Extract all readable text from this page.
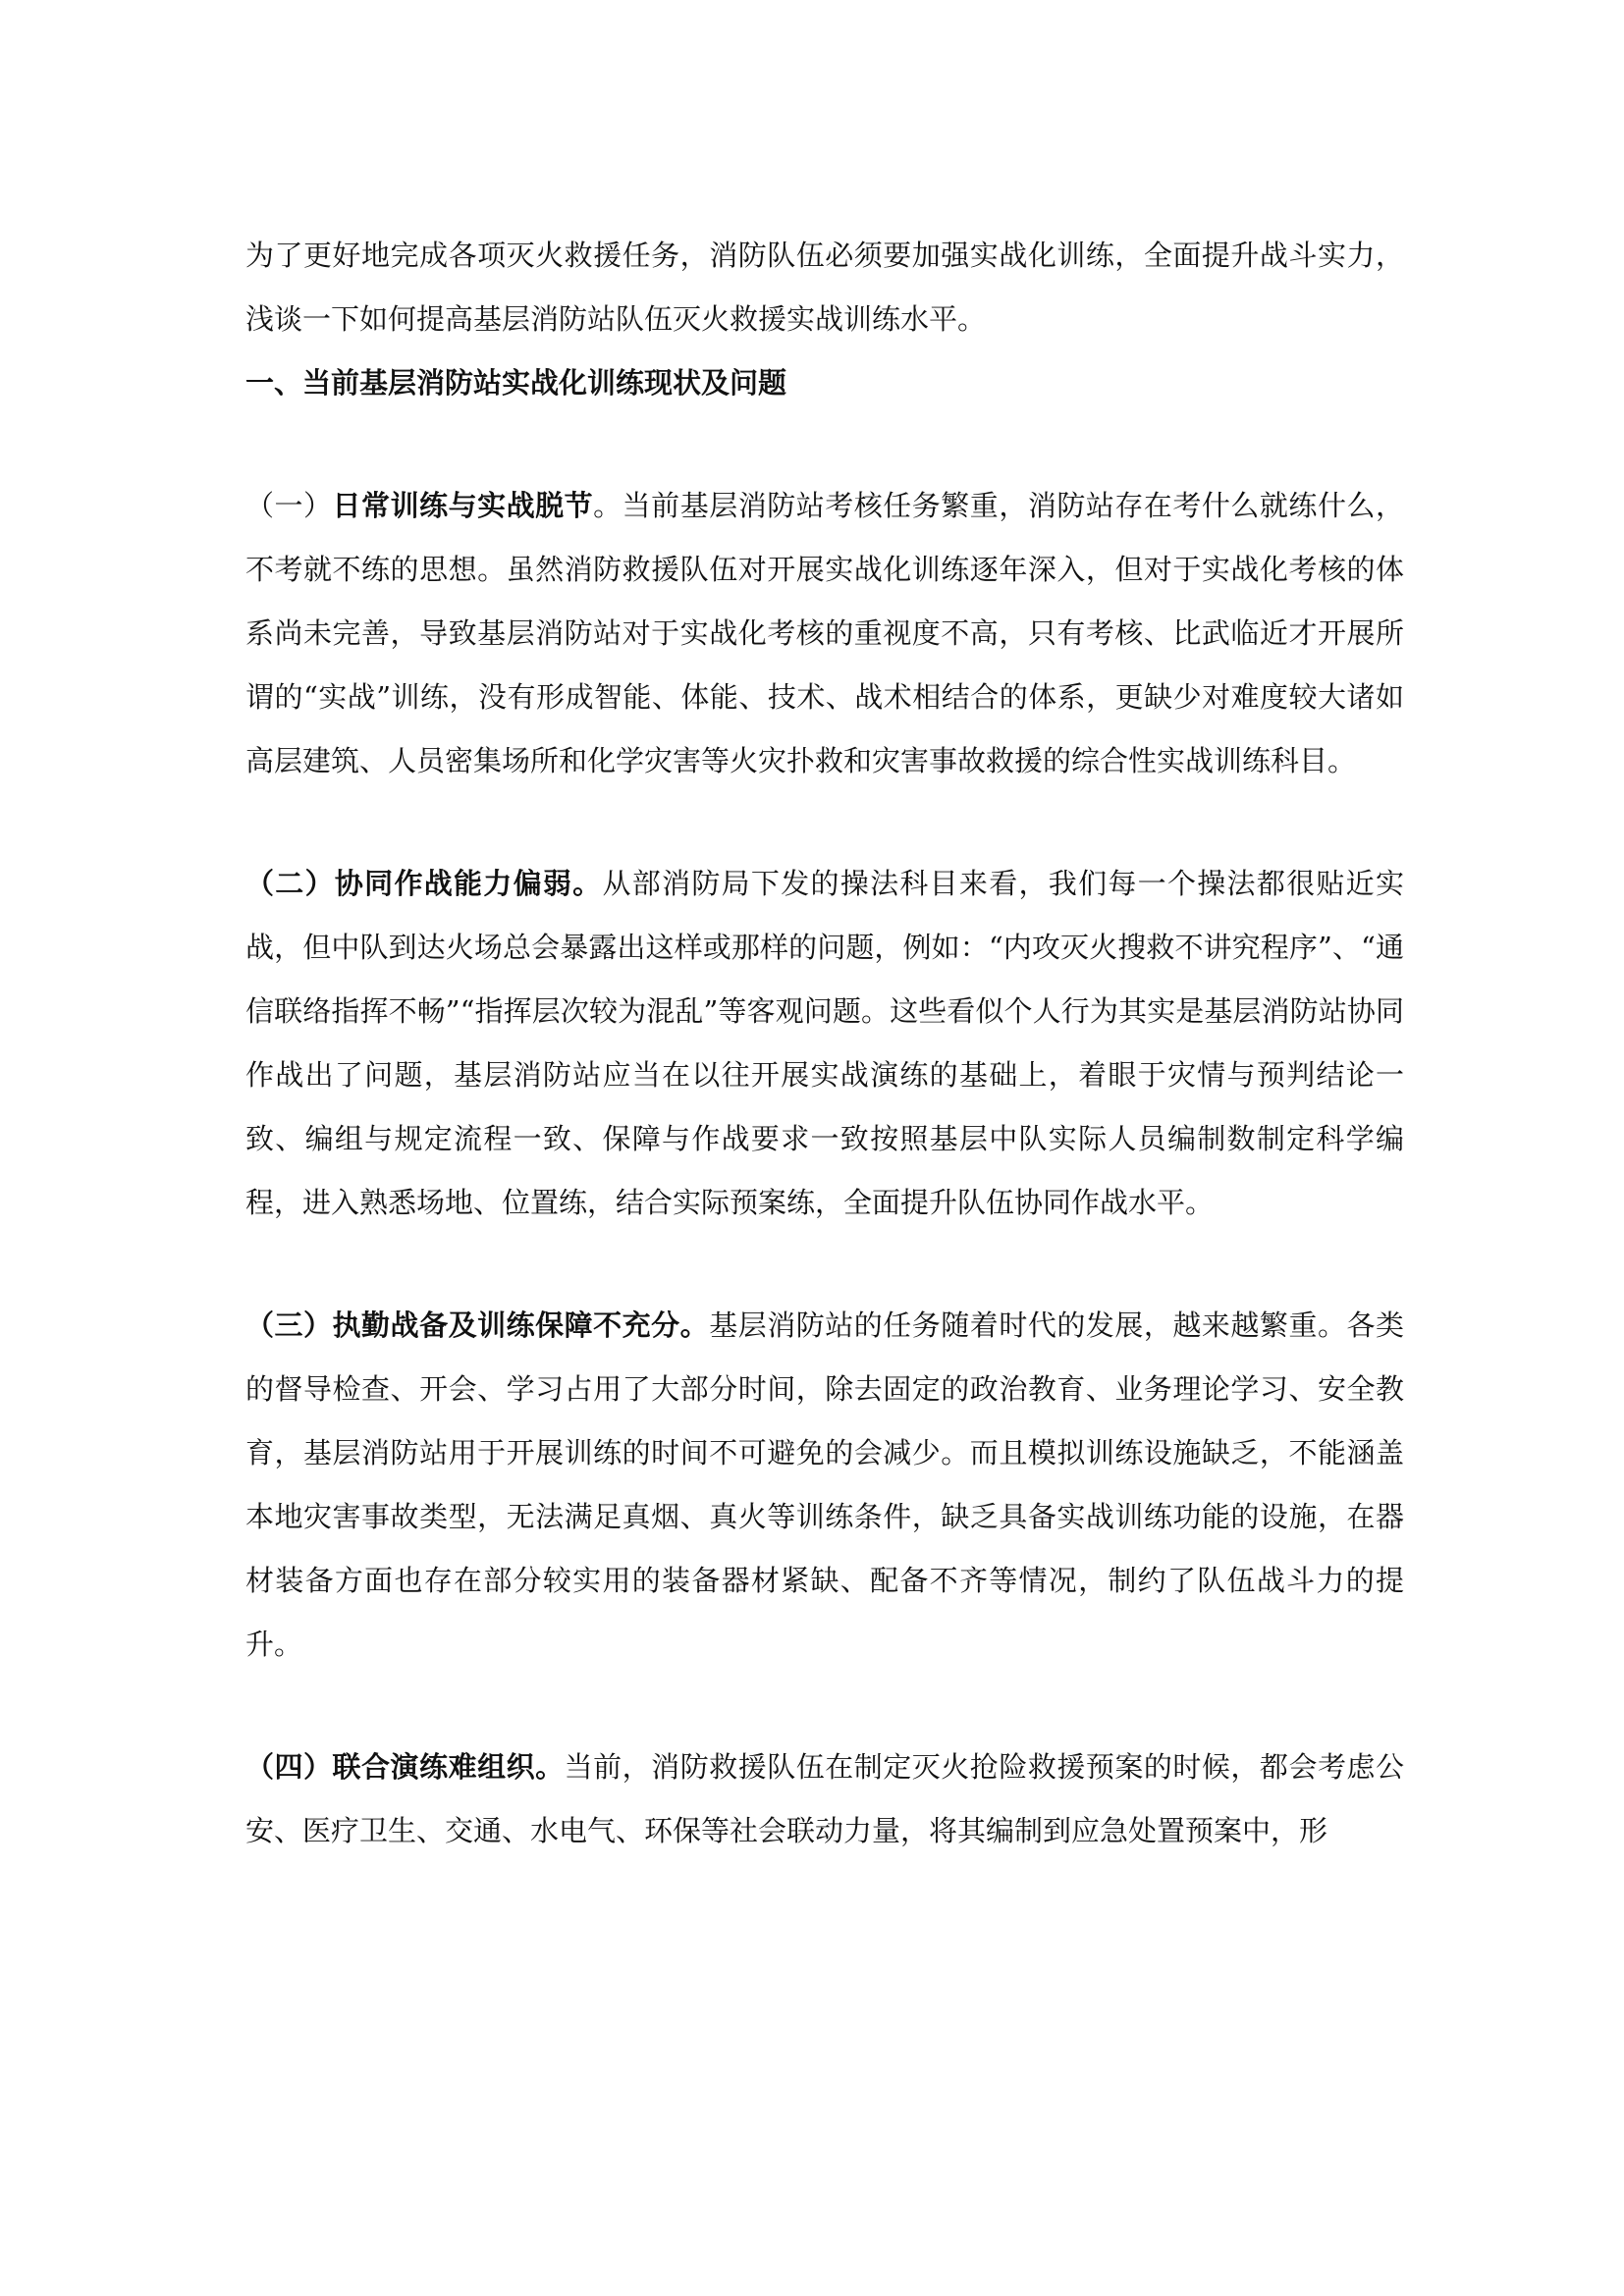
为了更好地完成各项灭火救援任务，消防队伍必须要加强实战化训练，全面提升战斗实力，浅谈一下如何提高基层消防站队伍灭火救援实战训练水平。

一、当前基层消防站实战化训练现状及问题

（一）日常训练与实战脱节。当前基层消防站考核任务繁重，消防站存在考什么就练什么，不考就不练的思想。虽然消防救援队伍对开展实战化训练逐年深入，但对于实战化考核的体系尚未完善，导致基层消防站对于实战化考核的重视度不高，只有考核、比武临近才开展所谓的“实战”训练，没有形成智能、体能、技术、战术相结合的体系，更缺少对难度较大诸如高层建筑、人员密集场所和化学灾害等火灾扑救和灾害事故救援的综合性实战训练科目。

（二）协同作战能力偏弱。从部消防局下发的操法科目来看，我们每一个操法都很贴近实战，但中队到达火场总会暴露出这样或那样的问题，例如：“内攻灭火搜救不讲究程序”、“通信联络指挥不畅”“指挥层次较为混乱”等客观问题。这些看似个人行为其实是基层消防站协同作战出了问题，基层消防站应当在以往开展实战演练的基础上，着眼于灾情与预判结论一致、编组与规定流程一致、保障与作战要求一致按照基层中队实际人员编制数制定科学编程，进入熟悉场地、位置练，结合实际预案练，全面提升队伍协同作战水平。

（三）执勤战备及训练保障不充分。基层消防站的任务随着时代的发展，越来越繁重。各类的督导检查、开会、学习占用了大部分时间，除去固定的政治教育、业务理论学习、安全教育，基层消防站用于开展训练的时间不可避免的会减少。而且模拟训练设施缺乏，不能涵盖本地灾害事故类型，无法满足真烟、真火等训练条件，缺乏具备实战训练功能的设施，在器材装备方面也存在部分较实用的装备器材紧缺、配备不齐等情况，制约了队伍战斗力的提升。

（四）联合演练难组织。当前，消防救援队伍在制定灭火抢险救援预案的时候，都会考虑公安、医疗卫生、交通、水电气、环保等社会联动力量，将其编制到应急处置预案中，形
